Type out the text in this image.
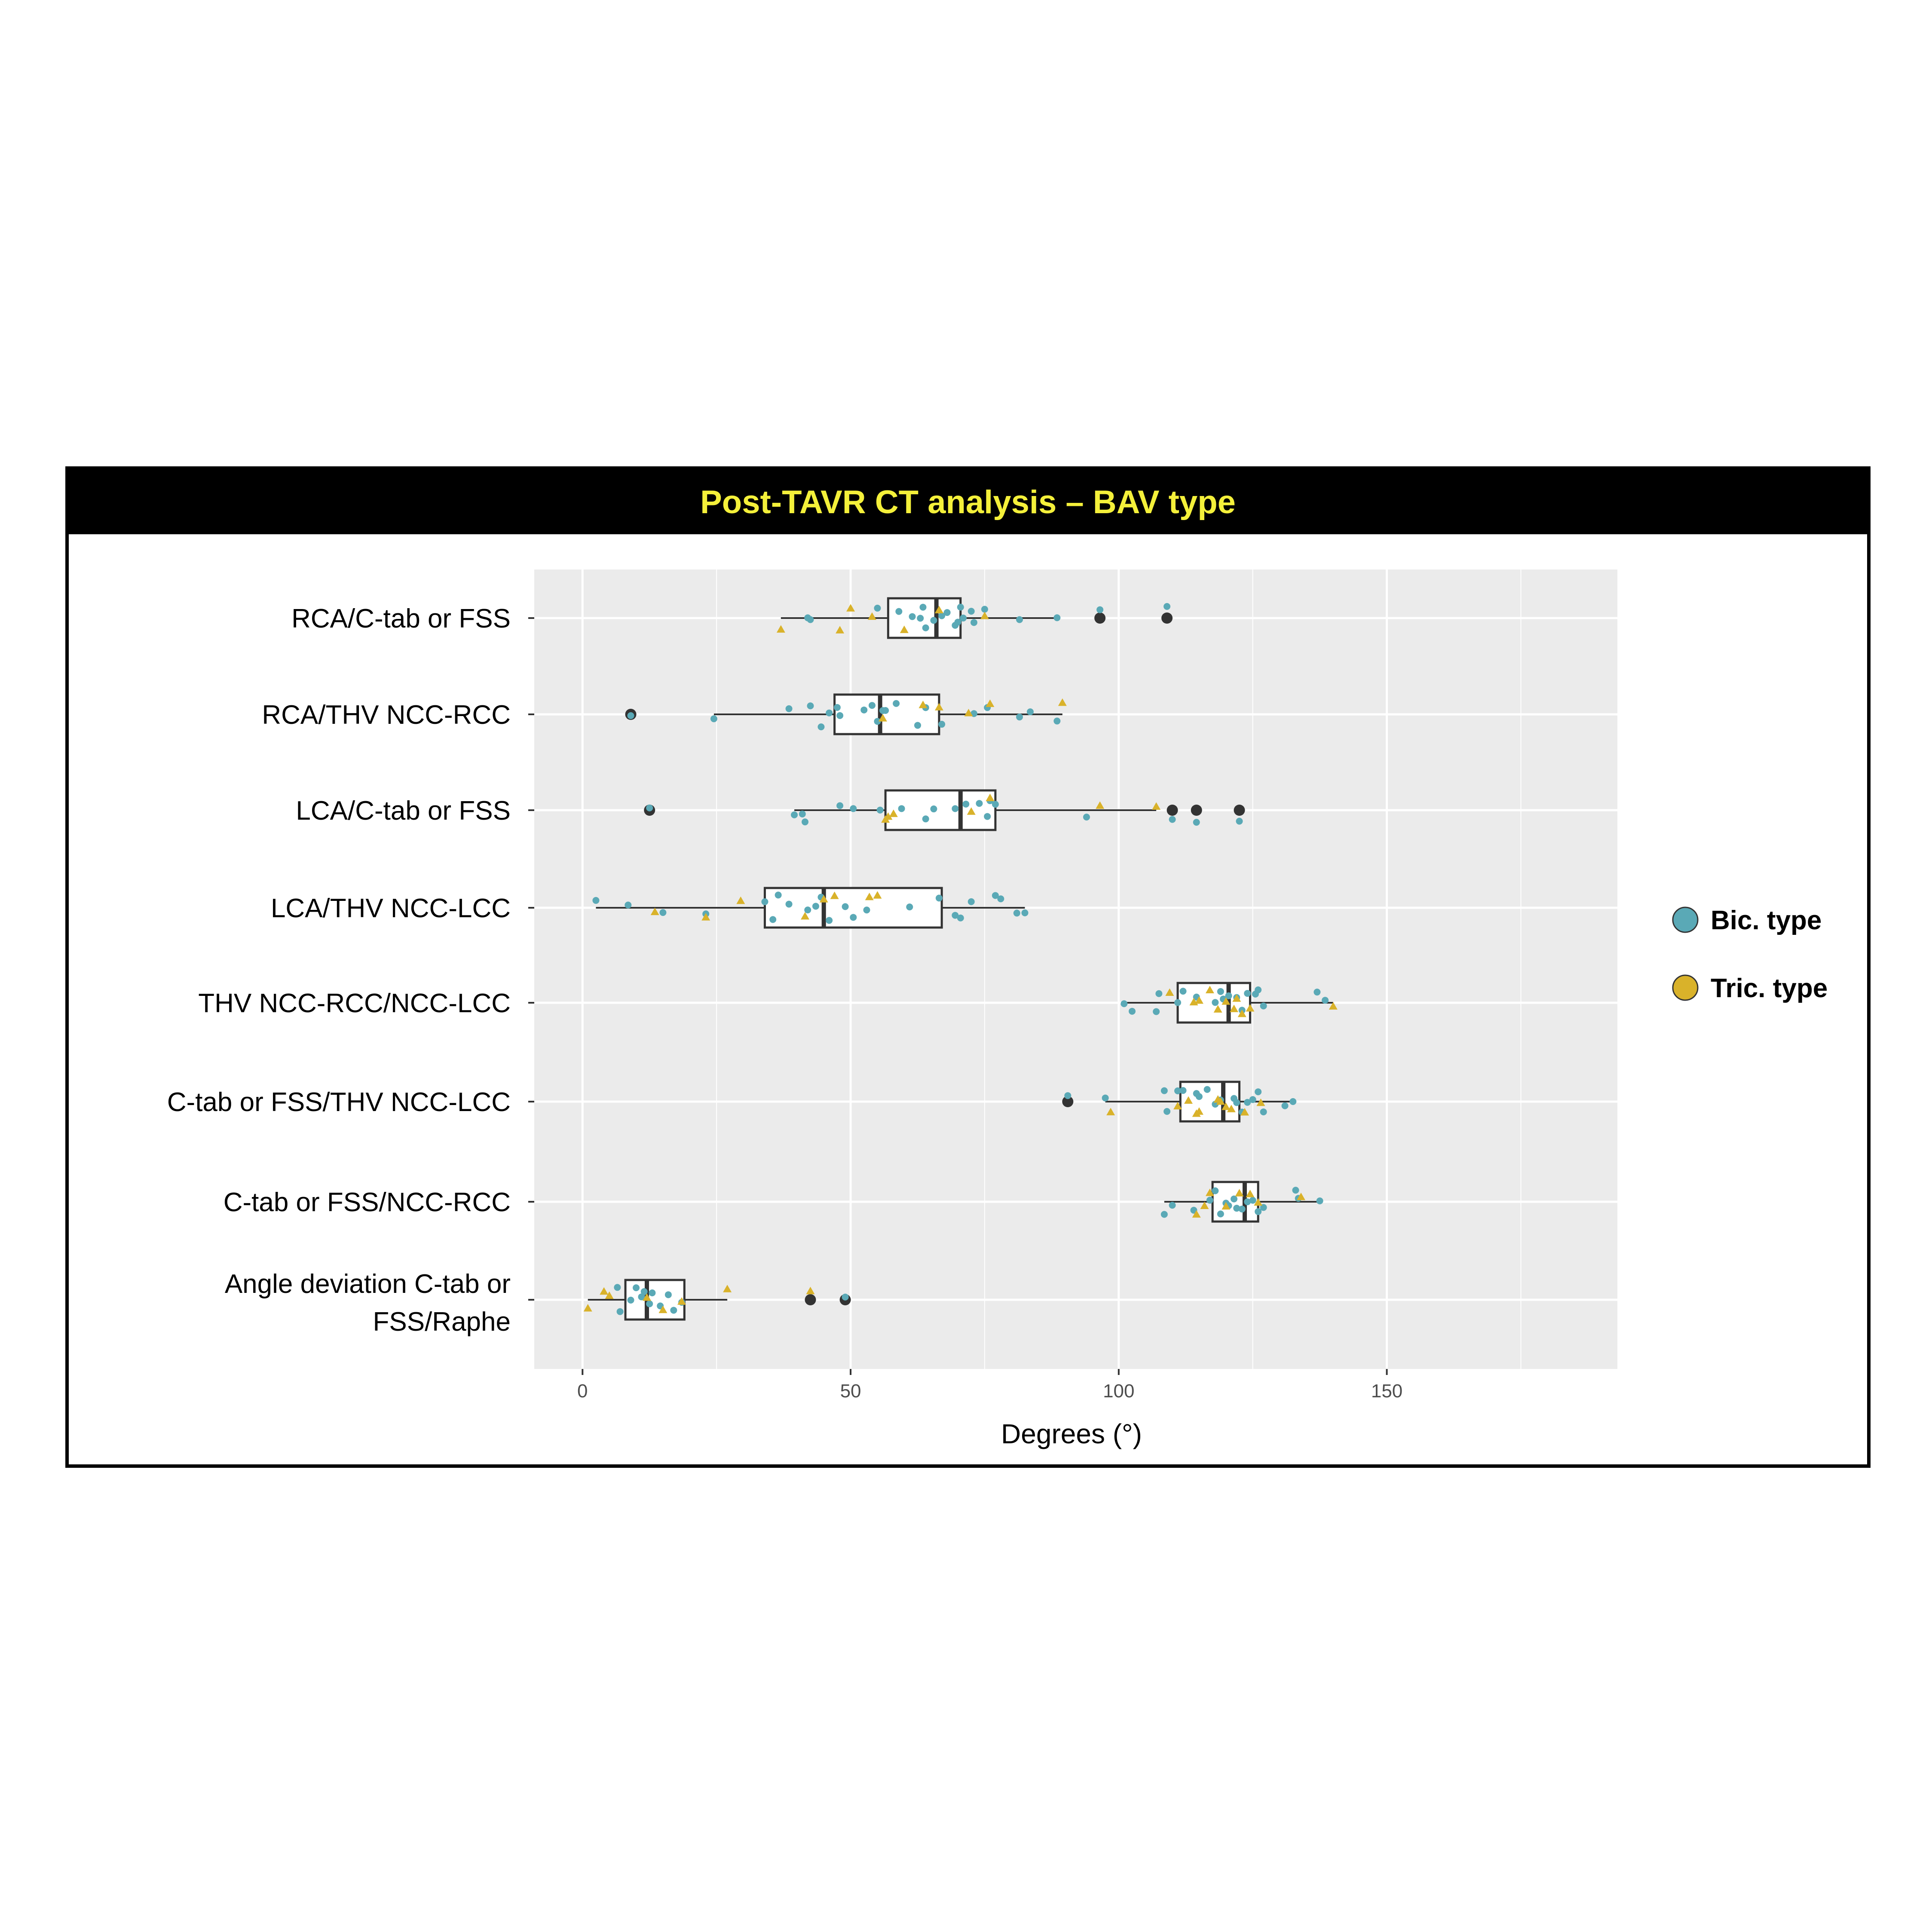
Post-TAVR CT analysis – BAV type
0	50	100	150
RCA/C-tab or FSS
RCA/THV NCC-RCC
LCA/C-tab or FSS
LCA/THV NCC-LCC
THV NCC-RCC/NCC-LCC
C-tab or FSS/THV NCC-LCC
C-tab or FSS/NCC-RCC
Angle deviation C-tab or FSS/Raphe
Degrees (°)
Bic. type
Tric. type
